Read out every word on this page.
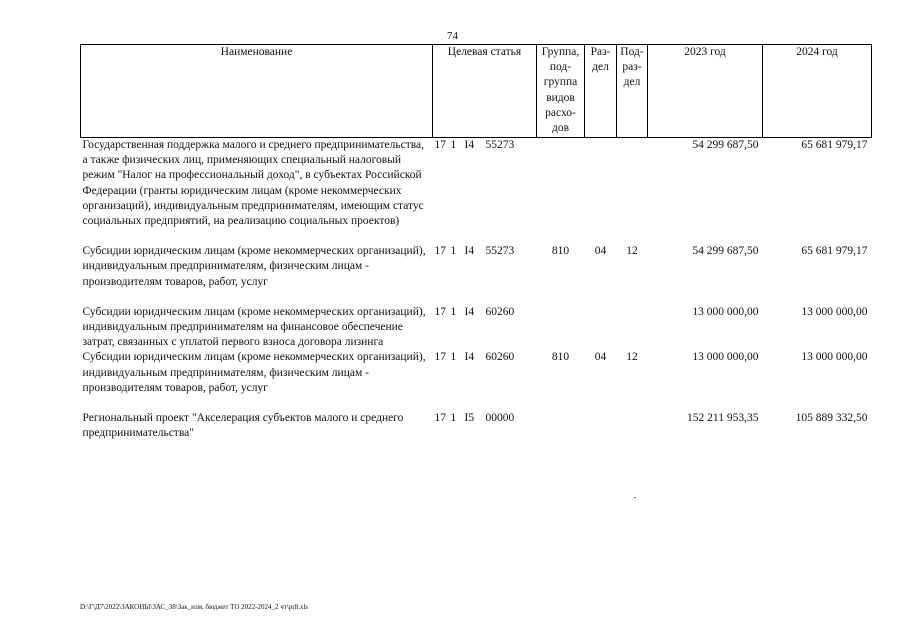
74
Наименование	Целевая статья	Группа, под-группа видов расхо-дов	Раз-дел	Под-раз-дел	2023 год	2024 год
Государственная поддержка малого и среднего предпринимательства, а также физических лиц, применяющих специальный налоговый режим "Налог на профессиональный доход", в субъектах Российской Федерации (гранты юридическим лицам (кроме некоммерческих организаций), индивидуальным предпринимателям, имеющим статус социальных предприятий, на реализацию социальных проектов)	17 1 I4 55273				54 299 687,50	65 681 979,17

Субсидии юридическим лицам (кроме некоммерческих организаций), индивидуальным предпринимателям, физическим лицам - производителям товаров, работ, услуг	17 1 I4 55273	810	04	12	54 299 687,50	65 681 979,17

Субсидии юридическим лицам (кроме некоммерческих организаций), индивидуальным предпринимателям на финансовое обеспечение затрат, связанных с уплатой первого взноса договора лизинга	17 1 I4 60260				13 000 000,00	13 000 000,00
Субсидии юридическим лицам (кроме некоммерческих организаций), индивидуальным предпринимателям, физическим лицам - производителям товаров, работ, услуг	17 1 I4 60260	810	04	12	13 000 000,00	13 000 000,00

Региональный проект "Акселерация субъектов малого и среднего предпринимательства"	17 1 I5 00000				152 211 953,35	105 889 332,50
D:\Г\Д7\2022\ЗАКОНЫ\ЗАС_38\Зак_изм. бюджет ТО 2022-2024_2 чт\pr8.xls
